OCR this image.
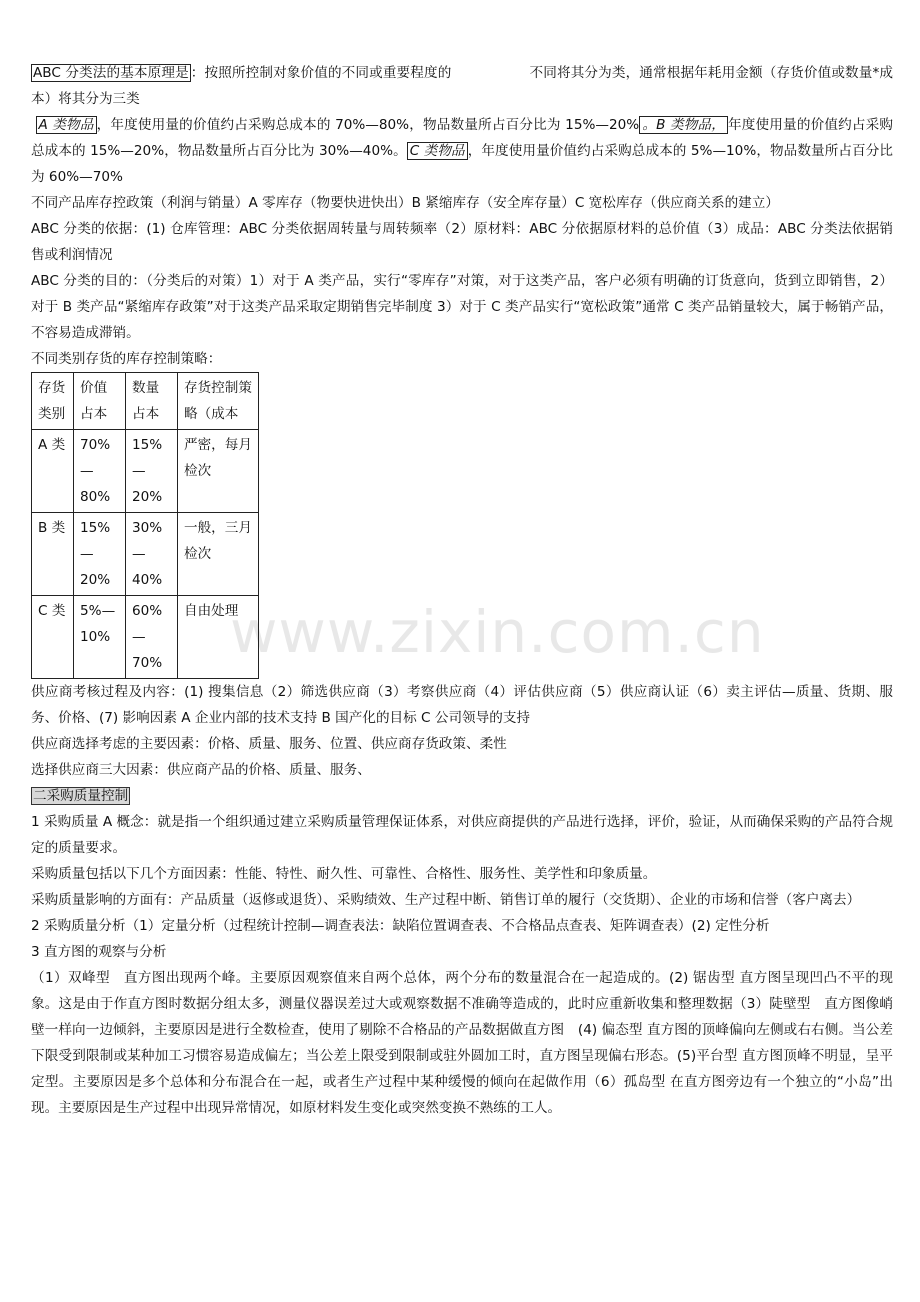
www.zixin.com.cn

ABC 分类法的基本原理是 ：按照所控制对象价值的不同或重要程度的	不同将其分为类，通常根据年耗用金额（存货价值或数量*成本）将其分为三类

A 类物品 ，年度使用量的价值约占采购总成本的 70%—80%，物品数量所占百分比为 15%—20% 。B 类物品， 年度使用量的价值约占采购总成本的 15%—20%，物品数量所占百分比为 30%—40%。 C 类物品 ，年度使用量价值约占采购总成本的 5%—10%，物品数量所占百分比为 60%—70%

不同产品库存控政策（利润与销量）A 零库存（物要快进快出）B 紧缩库存（安全库存量）C 宽松库存（供应商关系的建立）

ABC 分类的依据：(1) 仓库管理：ABC 分类依据周转量与周转频率（2）原材料：ABC 分依据原材料的总价值（3）成品：ABC 分类法依据销售或利润情况

ABC 分类的目的：（分类后的对策）1）对于 A 类产品，实行“零库存”对策，对于这类产品，客户必须有明确的订货意向，货到立即销售，2）对于 B 类产品“紧缩库存政策”对于这类产品采取定期销售完毕制度 3）对于 C 类产品实行“宽松政策”通常 C 类产品销量较大，属于畅销产品，不容易造成滞销。

不同类别存货的库存控制策略：

存货类别	价值占本	数量占本	存货控制策略（成本
A 类	70%—80%	15%—20%	严密，每月检次
B 类	15%—20%	30%—40%	一般，三月检次
C 类	5%—10%	60%—70%	自由处理

供应商考核过程及内容：(1) 搜集信息（2）筛选供应商（3）考察供应商（4）评估供应商（5）供应商认证（6）卖主评估—质量、货期、服务、价格、(7) 影响因素 A 企业内部的技术支持 B 国产化的目标 C 公司领导的支持

供应商选择考虑的主要因素：价格、质量、服务、位置、供应商存货政策、柔性

选择供应商三大因素：供应商产品的价格、质量、服务、

二采购质量控制

1 采购质量 A 概念：就是指一个组织通过建立采购质量管理保证体系，对供应商提供的产品进行选择，评价，验证，从而确保采购的产品符合规定的质量要求。

采购质量包括以下几个方面因素：性能、特性、耐久性、可靠性、合格性、服务性、美学性和印象质量。

采购质量影响的方面有：产品质量（返修或退货）、采购绩效、生产过程中断、销售订单的履行（交货期）、企业的市场和信誉（客户离去）

2 采购质量分析（1）定量分析（过程统计控制—调查表法：缺陷位置调查表、不合格品点查表、矩阵调查表）(2) 定性分析

3 直方图的观察与分析

（1）双峰型　直方图出现两个峰。主要原因观察值来自两个总体，两个分布的数量混合在一起造成的。(2) 锯齿型 直方图呈现凹凸不平的现象。这是由于作直方图时数据分组太多，测量仪器误差过大或观察数据不准确等造成的，此时应重新收集和整理数据（3）陡壁型　直方图像峭壁一样向一边倾斜，主要原因是进行全数检查，使用了剔除不合格品的产品数据做直方图　(4) 偏态型 直方图的顶峰偏向左侧或右右侧。当公差下限受到限制或某种加工习惯容易造成偏左；当公差上限受到限制或驻外圆加工时，直方图呈现偏右形态。(5)平台型 直方图顶峰不明显，呈平定型。主要原因是多个总体和分布混合在一起，或者生产过程中某种缓慢的倾向在起做作用（6）孤岛型 在直方图旁边有一个独立的“小岛”出现。主要原因是生产过程中出现异常情况，如原材料发生变化或突然变换不熟练的工人。
